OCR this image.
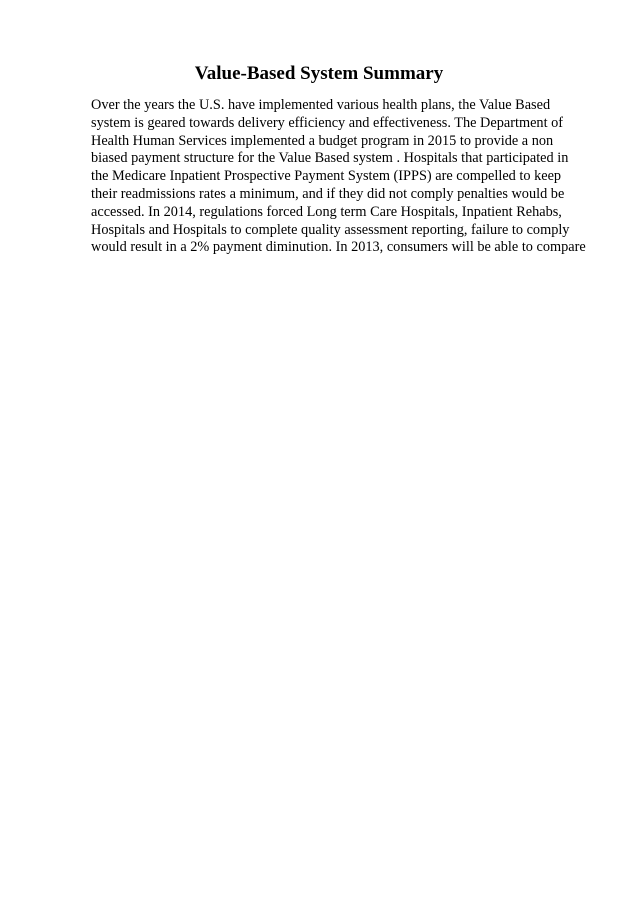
Value-Based System Summary
Over the years the U.S. have implemented various health plans, the Value Based
system is geared towards delivery efficiency and effectiveness. The Department of
Health Human Services implemented a budget program in 2015 to provide a non
biased payment structure for the Value Based system . Hospitals that participated in
the Medicare Inpatient Prospective Payment System (IPPS) are compelled to keep
their readmissions rates a minimum, and if they did not comply penalties would be
accessed. In 2014, regulations forced Long term Care Hospitals, Inpatient Rehabs,
Hospitals and Hospitals to complete quality assessment reporting, failure to comply
would result in a 2% payment diminution. In 2013, consumers will be able to compare
